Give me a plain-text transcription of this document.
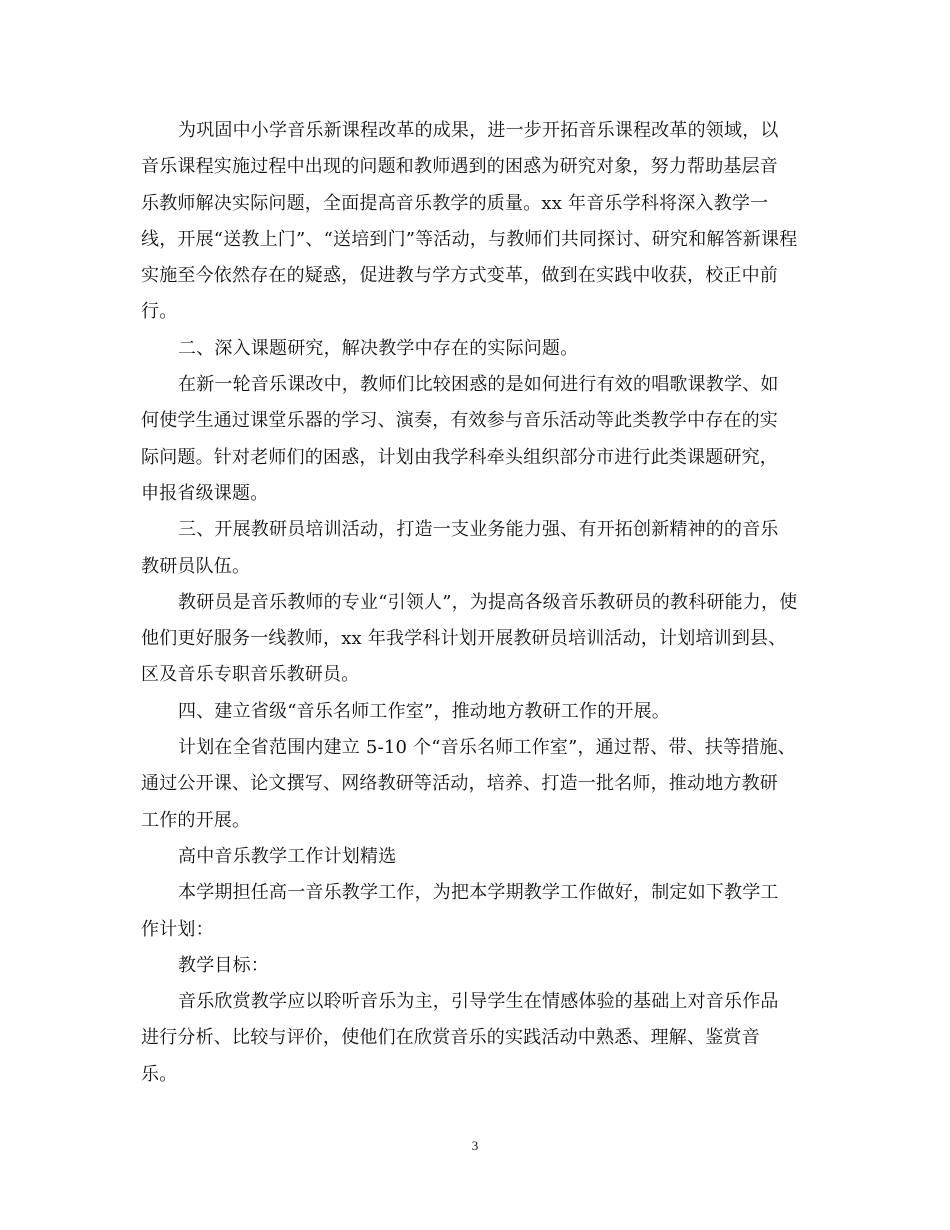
为巩固中小学音乐新课程改革的成果，进一步开拓音乐课程改革的领域，以
音乐课程实施过程中出现的问题和教师遇到的困惑为研究对象，努力帮助基层音
乐教师解决实际问题，全面提高音乐教学的质量。xx 年音乐学科将深入教学一
线，开展“送教上门”、“送培到门”等活动，与教师们共同探讨、研究和解答新课程
实施至今依然存在的疑惑，促进教与学方式变革，做到在实践中收获，校正中前
行。
二、深入课题研究，解决教学中存在的实际问题。
在新一轮音乐课改中，教师们比较困惑的是如何进行有效的唱歌课教学、如
何使学生通过课堂乐器的学习、演奏，有效参与音乐活动等此类教学中存在的实
际问题。针对老师们的困惑，计划由我学科牵头组织部分市进行此类课题研究，
申报省级课题。
三、开展教研员培训活动，打造一支业务能力强、有开拓创新精神的的音乐
教研员队伍。
教研员是音乐教师的专业“引领人”，为提高各级音乐教研员的教科研能力，使
他们更好服务一线教师，xx 年我学科计划开展教研员培训活动，计划培训到县、
区及音乐专职音乐教研员。
四、建立省级“音乐名师工作室”，推动地方教研工作的开展。
计划在全省范围内建立 5-10 个“音乐名师工作室”，通过帮、带、扶等措施、
通过公开课、论文撰写、网络教研等活动，培养、打造一批名师，推动地方教研
工作的开展。
高中音乐教学工作计划精选
本学期担任高一音乐教学工作，为把本学期教学工作做好，制定如下教学工
作计划：
教学目标：
音乐欣赏教学应以聆听音乐为主，引导学生在情感体验的基础上对音乐作品
进行分析、比较与评价，使他们在欣赏音乐的实践活动中熟悉、理解、鉴赏音
乐。
3
